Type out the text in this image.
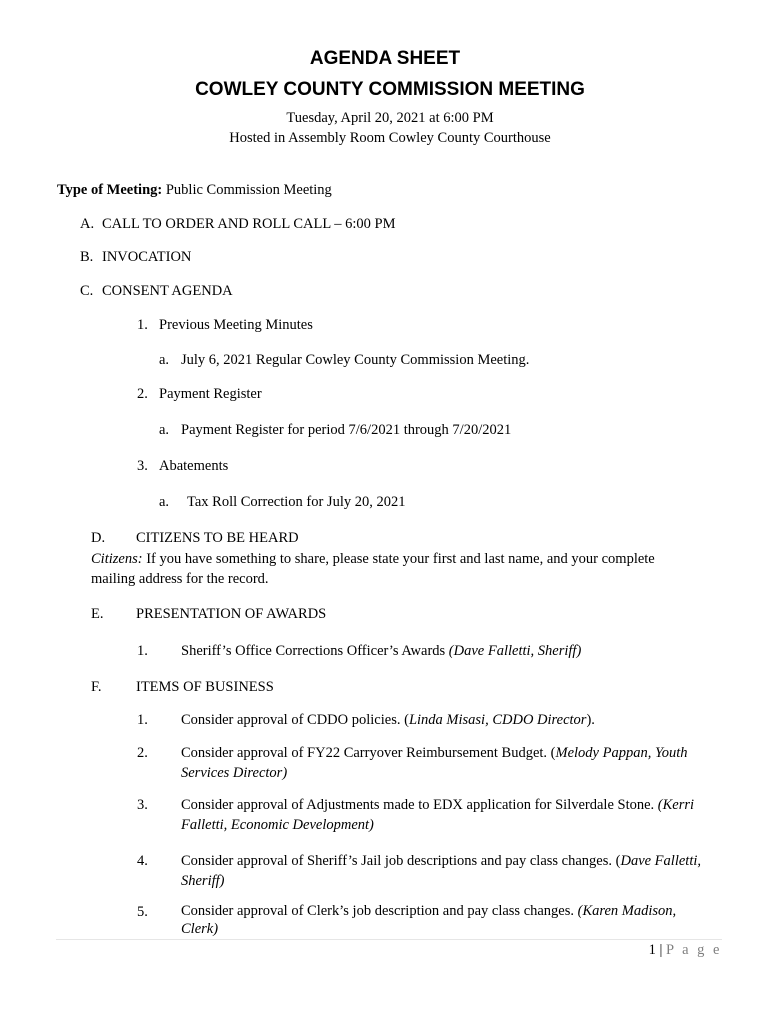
AGENDA SHEET
COWLEY COUNTY COMMISSION MEETING
Tuesday, April 20, 2021 at 6:00 PM
Hosted in Assembly Room Cowley County Courthouse
Type of Meeting: Public Commission Meeting
A. CALL TO ORDER AND ROLL CALL – 6:00 PM
B. INVOCATION
C. CONSENT AGENDA
1. Previous Meeting Minutes
a. July 6, 2021 Regular Cowley County Commission Meeting.
2. Payment Register
a. Payment Register for period 7/6/2021 through 7/20/2021
3. Abatements
a. Tax Roll Correction for July 20, 2021
D. CITIZENS TO BE HEARD
Citizens: If you have something to share, please state your first and last name, and your complete mailing address for the record.
E. PRESENTATION OF AWARDS
1. Sheriff’s Office Corrections Officer’s Awards (Dave Falletti, Sheriff)
F. ITEMS OF BUSINESS
1. Consider approval of CDDO policies. (Linda Misasi, CDDO Director).
2. Consider approval of FY22 Carryover Reimbursement Budget. (Melody Pappan, Youth Services Director)
3. Consider approval of Adjustments made to EDX application for Silverdale Stone. (Kerri Falletti, Economic Development)
4. Consider approval of Sheriff’s Jail job descriptions and pay class changes. (Dave Falletti, Sheriff)
5. Consider approval of Clerk’s job description and pay class changes. (Karen Madison, Clerk)
1 | P a g e
